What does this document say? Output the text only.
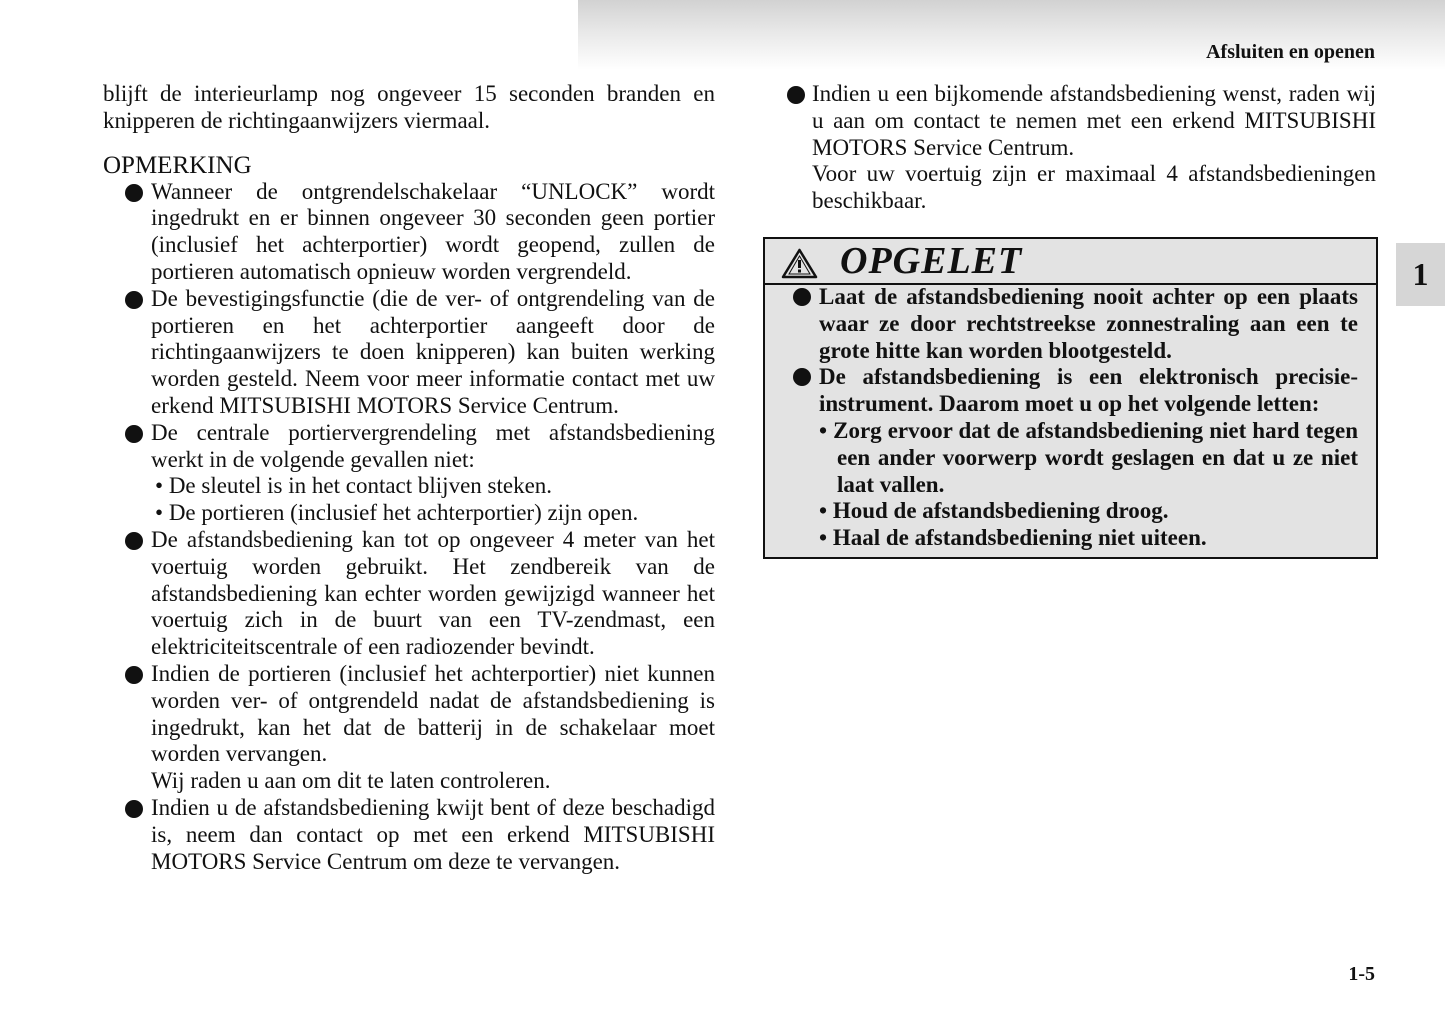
Afsluiten en openen
1

blijft de interieurlamp nog ongeveer 15 seconden branden en knipperen de richtingaanwijzers viermaal.

OPMERKING
Wanneer de ontgrendelschakelaar “UNLOCK” wordt ingedrukt en er binnen ongeveer 30 seconden geen portier (inclusief het achterportier) wordt geopend, zullen de portieren automatisch opnieuw worden vergrendeld.
De bevestigingsfunctie (die de ver- of ontgrendeling van de portieren en het achterportier aangeeft door de richtingaanwijzers te doen knipperen) kan buiten werking worden gesteld. Neem voor meer informatie contact met uw erkend MITSUBISHI MOTORS Service Centrum.
De centrale portiervergrendeling met afstandsbediening werkt in de volgende gevallen niet:
• De sleutel is in het contact blijven steken.
• De portieren (inclusief het achterportier) zijn open.
De afstandsbediening kan tot op ongeveer 4 meter van het voertuig worden gebruikt. Het zendbereik van de afstandsbediening kan echter worden gewijzigd wanneer het voertuig zich in de buurt van een TV-zendmast, een elektriciteitscentrale of een radiozender bevindt.
Indien de portieren (inclusief het achterportier) niet kunnen worden ver- of ontgrendeld nadat de afstandsbediening is ingedrukt, kan het dat de batterij in de schakelaar moet worden vervangen.
Wij raden u aan om dit te laten controleren.
Indien u de afstandsbediening kwijt bent of deze beschadigd is, neem dan contact op met een erkend MITSUBISHI MOTORS Service Centrum om deze te vervangen.
Indien u een bijkomende afstandsbediening wenst, raden wij u aan om contact te nemen met een erkend MITSUBISHI MOTORS Service Centrum.
Voor uw voertuig zijn er maximaal 4 afstandsbedieningen beschikbaar.
OPGELET
Laat de afstandsbediening nooit achter op een plaats waar ze door rechtstreekse zonnestraling aan een te grote hitte kan worden blootgesteld.
De afstandsbediening is een elektronisch precisie-instrument. Daarom moet u op het volgende letten:
• Zorg ervoor dat de afstandsbediening niet hard tegen een ander voorwerp wordt geslagen en dat u ze niet laat vallen.
• Houd de afstandsbediening droog.
• Haal de afstandsbediening niet uiteen.
1-5
